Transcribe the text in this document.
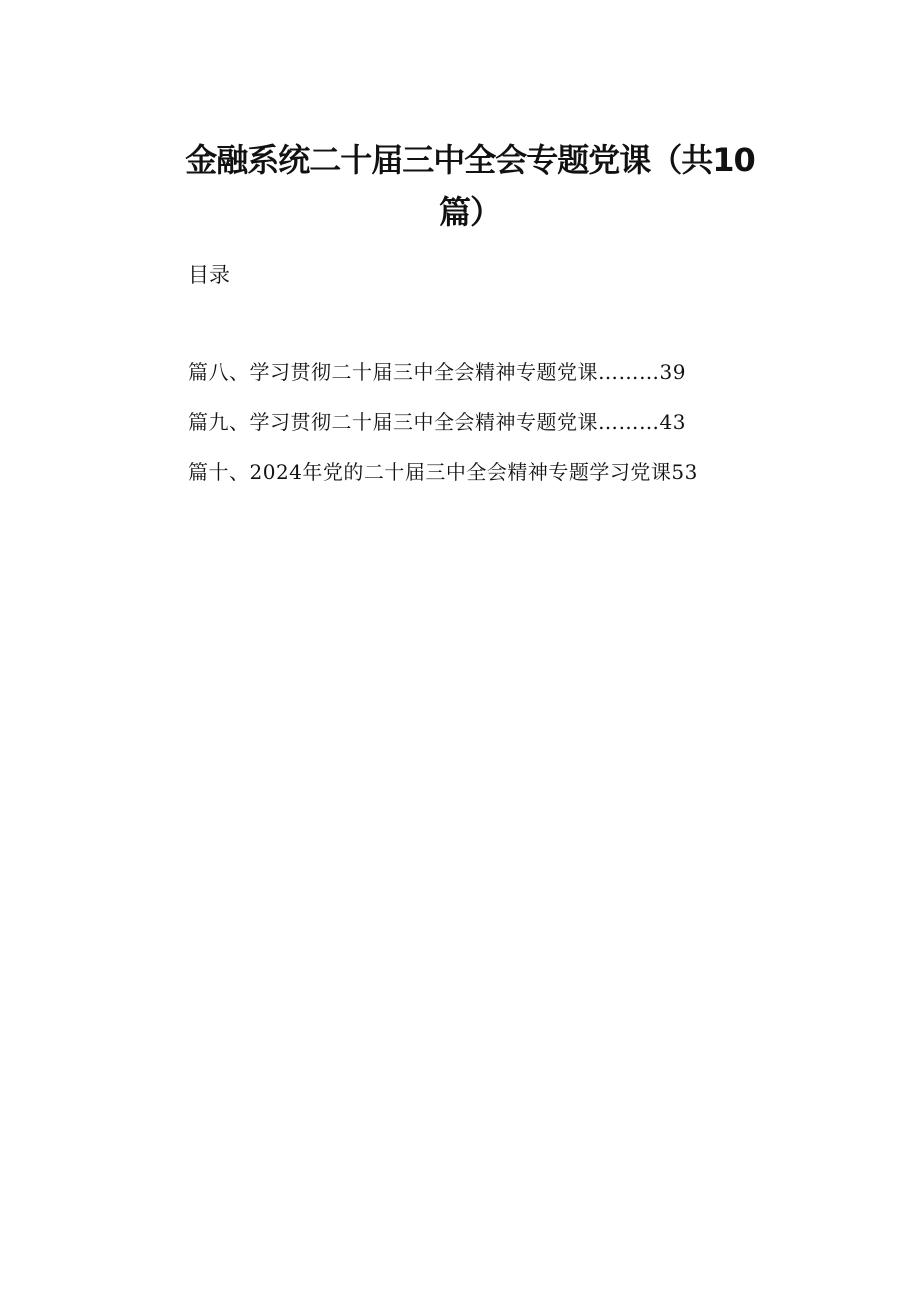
金融系统二十届三中全会专题党课（共10
篇）
目录
篇八、学习贯彻二十届三中全会精神专题党课………39
篇九、学习贯彻二十届三中全会精神专题党课………43
篇十、2024年党的二十届三中全会精神专题学习党课53
